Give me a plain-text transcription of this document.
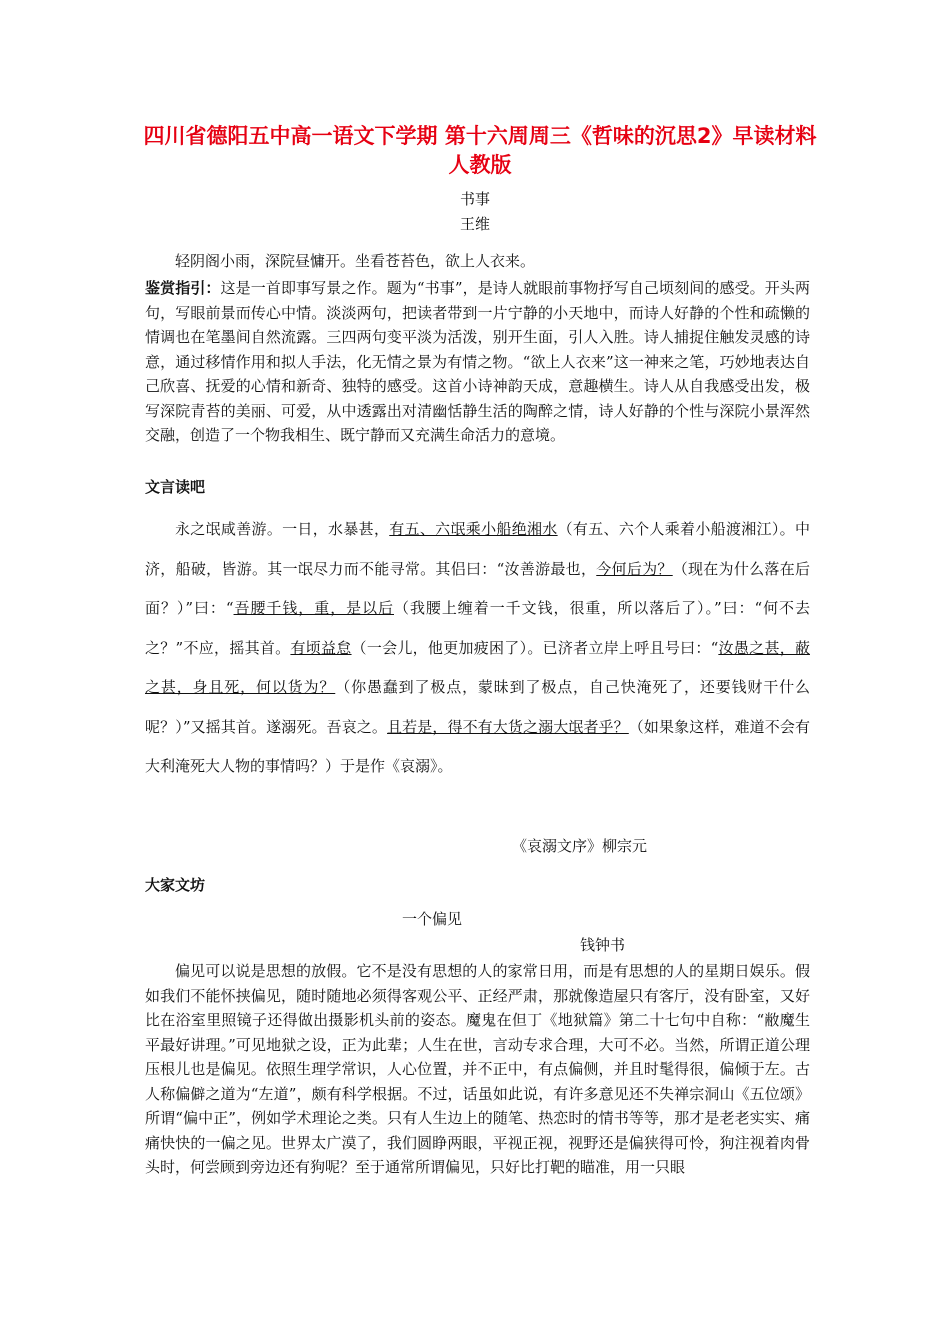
四川省德阳五中高一语文下学期 第十六周周三《哲味的沉思2》早读材料 人教版
书事
王维
轻阴阁小雨，深院昼慵开。坐看苍苔色，欲上人衣来。
鉴赏指引：这是一首即事写景之作。题为“书事”，是诗人就眼前事物抒写自己顷刻间的感受。开头两句，写眼前景而传心中情。淡淡两句，把读者带到一片宁静的小天地中，而诗人好静的个性和疏懒的情调也在笔墨间自然流露。三四两句变平淡为活泼，别开生面，引人入胜。诗人捕捉住触发灵感的诗意，通过移情作用和拟人手法，化无情之景为有情之物。“欲上人衣来”这一神来之笔，巧妙地表达自己欣喜、抚爱的心情和新奇、独特的感受。这首小诗神韵天成，意趣横生。诗人从自我感受出发，极写深院青苔的美丽、可爱，从中透露出对清幽恬静生活的陶醉之情，诗人好静的个性与深院小景浑然交融，创造了一个物我相生、既宁静而又充满生命活力的意境。
文言读吧
永之氓咸善游。一日，水暴甚，有五、六氓乘小船绝湘水（有五、六个人乘着小船渡湘江）。中济，船破，皆游。其一氓尽力而不能寻常。其侣曰：“汝善游最也，今何后为？（现在为什么落在后面？）”曰：“吾腰千钱，重，是以后（我腰上缠着一千文钱，很重，所以落后了）。”曰：“何不去之？”不应，摇其首。有顷益怠（一会儿，他更加疲困了）。已济者立岸上呼且号曰：“汝愚之甚，蔽之甚，身且死，何以货为？（你愚蠢到了极点，蒙昧到了极点，自己快淹死了，还要钱财干什么呢？）”又摇其首。遂溺死。吾哀之。且若是，得不有大货之溺大氓者乎？（如果象这样，难道不会有大利淹死大人物的事情吗？）于是作《哀溺》。
《哀溺文序》柳宗元
大家文坊
一个偏见
钱钟书
偏见可以说是思想的放假。它不是没有思想的人的家常日用，而是有思想的人的星期日娱乐。假如我们不能怀挟偏见，随时随地必须得客观公平、正经严肃，那就像造屋只有客厅，没有卧室，又好比在浴室里照镜子还得做出摄影机头前的姿态。魔鬼在但丁《地狱篇》第二十七句中自称：“敝魔生平最好讲理。”可见地狱之设，正为此辈；人生在世，言动专求合理，大可不必。当然，所谓正道公理压根儿也是偏见。依照生理学常识，人心位置，并不正中，有点偏侧，并且时髦得很，偏倾于左。古人称偏僻之道为“左道”，颇有科学根据。不过，话虽如此说，有许多意见还不失禅宗洞山《五位颂》所谓“偏中正”，例如学术理论之类。只有人生边上的随笔、热恋时的情书等等，那才是老老实实、痛痛快快的一偏之见。世界太广漠了，我们圆睁两眼，平视正视，视野还是偏狭得可怜，狗注视着肉骨头时，何尝顾到旁边还有狗呢？至于通常所谓偏见，只好比打靶的瞄准，用一只眼
